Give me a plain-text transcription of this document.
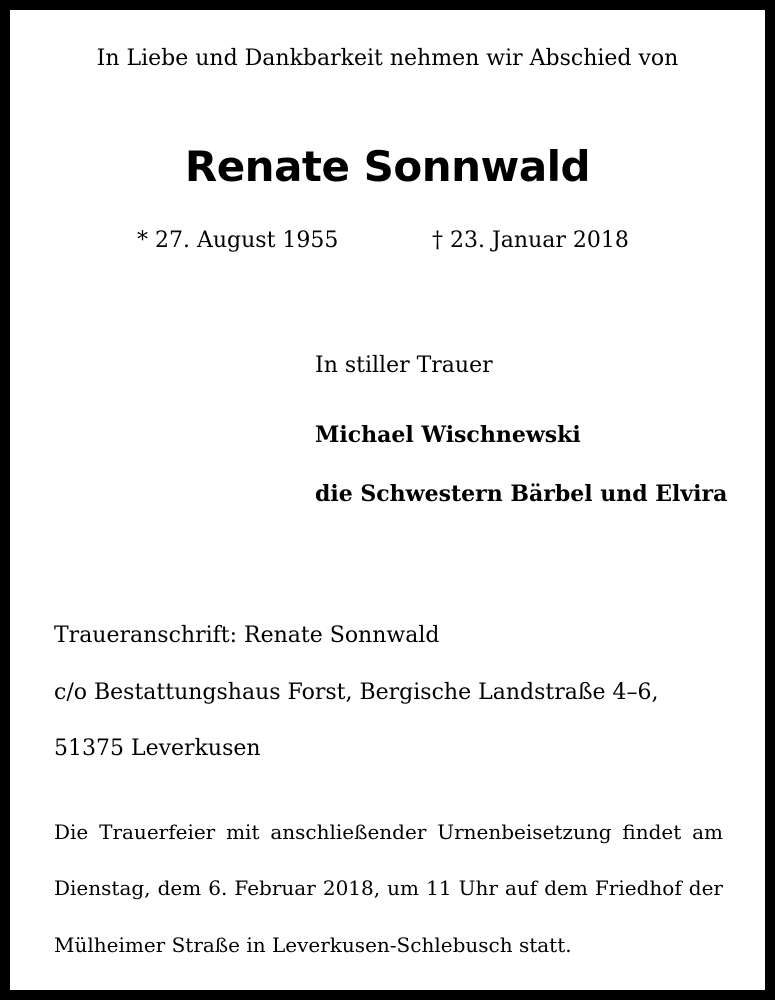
In Liebe und Dankbarkeit nehmen wir Abschied von
Renate Sonnwald
* 27. August 1955	† 23. Januar 2018
In stiller Trauer
Michael Wischnewski
die Schwestern Bärbel und Elvira
Traueranschrift: Renate Sonnwald
c/o Bestattungshaus Forst, Bergische Landstraße 4–6,
51375 Leverkusen
Die Trauerfeier mit anschließender Urnenbeisetzung findet am
Dienstag, dem 6. Februar 2018, um 11 Uhr auf dem Friedhof der
Mülheimer Straße in Leverkusen-Schlebusch statt.
